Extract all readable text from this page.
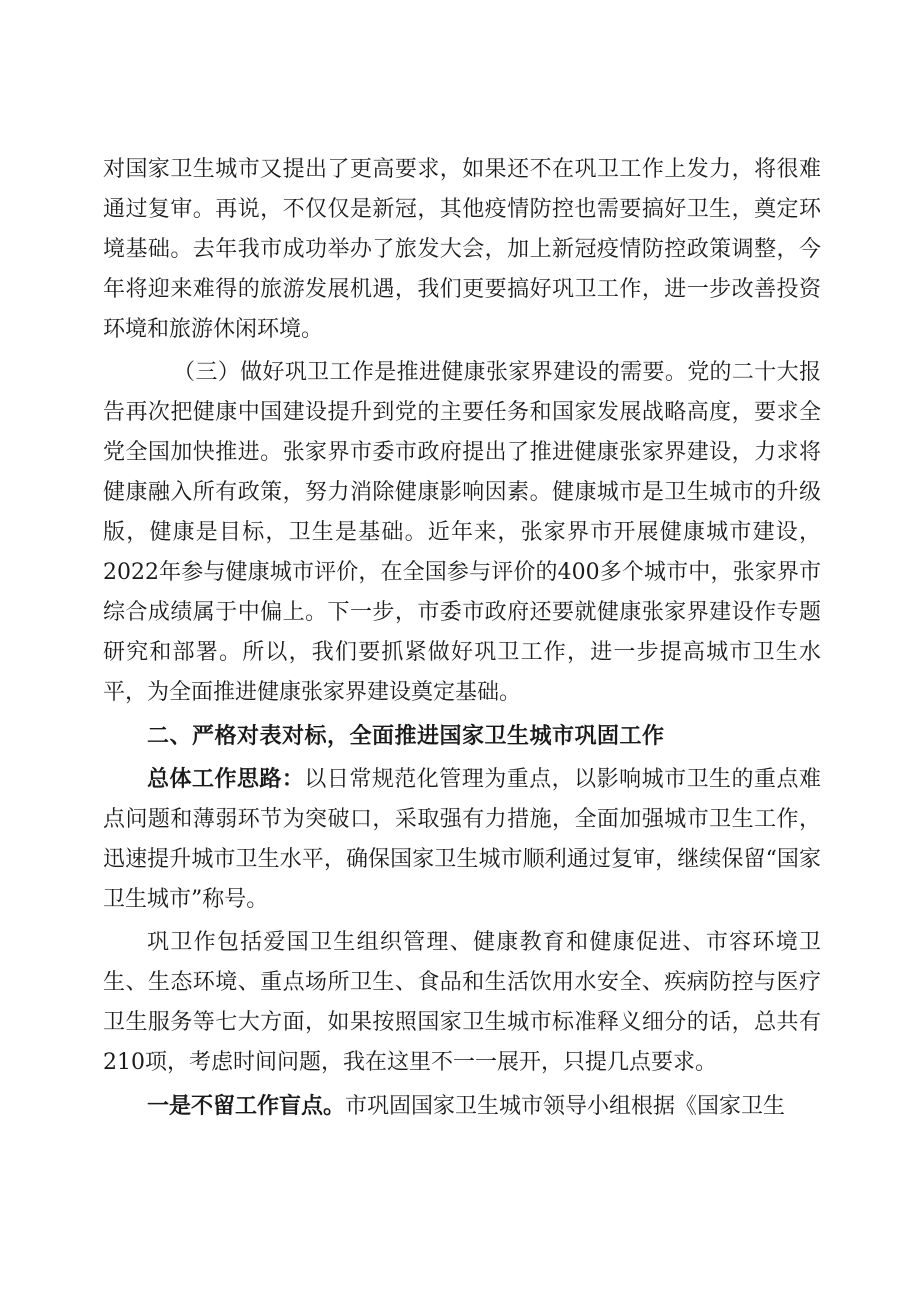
对国家卫生城市又提出了更高要求，如果还不在巩卫工作上发力，将很难通过复审。再说，不仅仅是新冠，其他疫情防控也需要搞好卫生，奠定环境基础。去年我市成功举办了旅发大会，加上新冠疫情防控政策调整，今年将迎来难得的旅游发展机遇，我们更要搞好巩卫工作，进一步改善投资环境和旅游休闲环境。

（三）做好巩卫工作是推进健康张家界建设的需要。党的二十大报告再次把健康中国建设提升到党的主要任务和国家发展战略高度，要求全党全国加快推进。张家界市委市政府提出了推进健康张家界建设，力求将健康融入所有政策，努力消除健康影响因素。健康城市是卫生城市的升级版，健康是目标，卫生是基础。近年来，张家界市开展健康城市建设，2022年参与健康城市评价，在全国参与评价的400多个城市中，张家界市综合成绩属于中偏上。下一步，市委市政府还要就健康张家界建设作专题研究和部署。所以，我们要抓紧做好巩卫工作，进一步提高城市卫生水平，为全面推进健康张家界建设奠定基础。

二、严格对表对标，全面推进国家卫生城市巩固工作

总体工作思路：以日常规范化管理为重点，以影响城市卫生的重点难点问题和薄弱环节为突破口，采取强有力措施，全面加强城市卫生工作，迅速提升城市卫生水平，确保国家卫生城市顺利通过复审，继续保留“国家卫生城市”称号。

巩卫作包括爱国卫生组织管理、健康教育和健康促进、市容环境卫生、生态环境、重点场所卫生、食品和生活饮用水安全、疾病防控与医疗卫生服务等七大方面，如果按照国家卫生城市标准释义细分的话，总共有210项，考虑时间问题，我在这里不一一展开，只提几点要求。

一是不留工作盲点。市巩固国家卫生城市领导小组根据《国家卫生
